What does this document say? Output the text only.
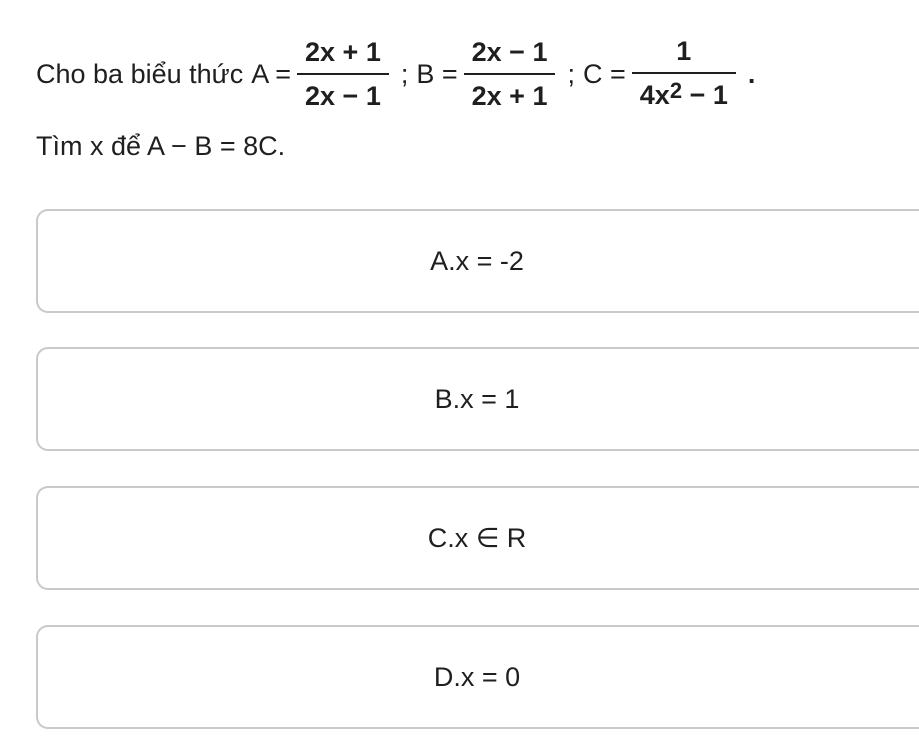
Cho ba biểu thức $A = \frac{2x + 1}{2x - 1}$ ; $B = \frac{2x - 1}{2x + 1}$ ; $C = \frac{1}{4x^2 - 1}$ .
Tìm x để A − B = 8C.
A.x = -2
B.x = 1
C.x ∈ R
D.x = 0
